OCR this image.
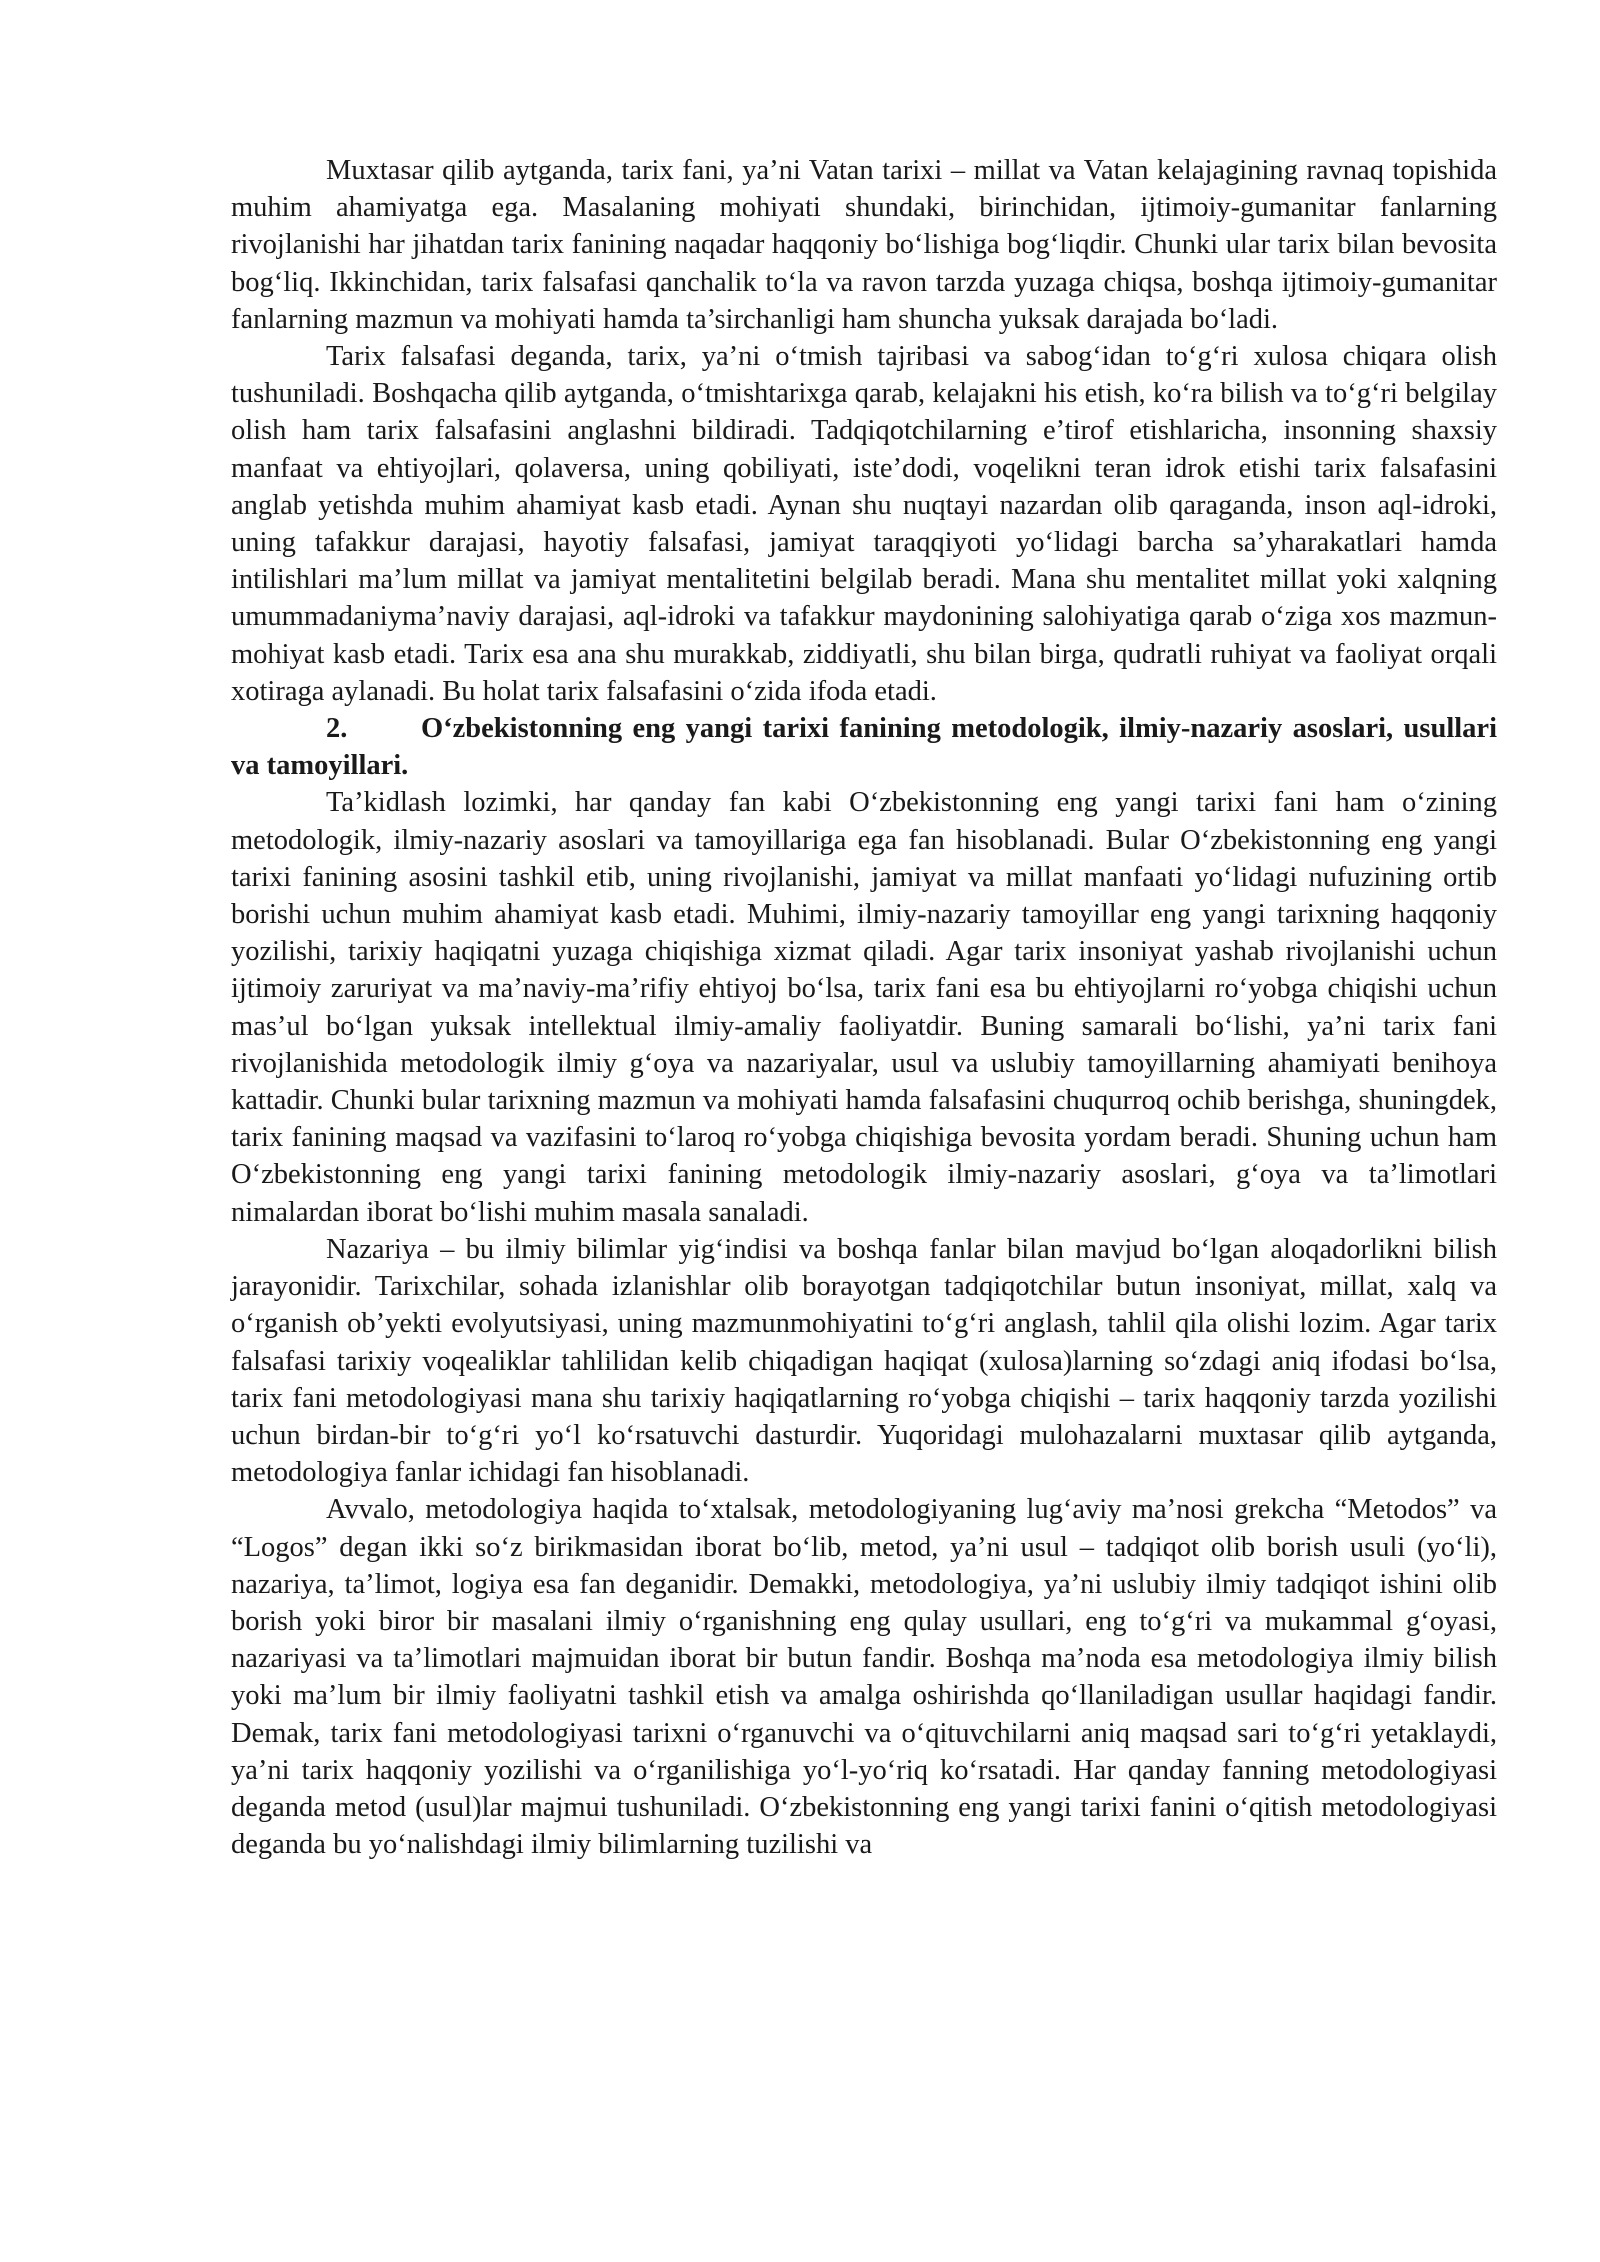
Muxtasar qilib aytganda, tarix fani, ya’ni Vatan tarixi – millat va Vatan kelajagining ravnaq topishida muhim ahamiyatga ega. Masalaning mohiyati shundaki, birinchidan, ijtimoiy-gumanitar fanlarning rivojlanishi har jihatdan tarix fanining naqadar haqqoniy bo‘lishiga bog‘liqdir. Chunki ular tarix bilan bevosita bog‘liq. Ikkinchidan, tarix falsafasi qanchalik to‘la va ravon tarzda yuzaga chiqsa, boshqa ijtimoiy-gumanitar fanlarning mazmun va mohiyati hamda ta’sirchanligi ham shuncha yuksak darajada bo‘ladi.

Tarix falsafasi deganda, tarix, ya’ni o‘tmish tajribasi va sabog‘idan to‘g‘ri xulosa chiqara olish tushuniladi. Boshqacha qilib aytganda, o‘tmishtarixga qarab, kelajakni his etish, ko‘ra bilish va to‘g‘ri belgilay olish ham tarix falsafasini anglashni bildiradi. Tadqiqotchilarning e’tirof etishlaricha, insonning shaxsiy manfaat va ehtiyojlari, qolaversa, uning qobiliyati, iste’dodi, voqelikni teran idrok etishi tarix falsafasini anglab yetishda muhim ahamiyat kasb etadi. Aynan shu nuqtayi nazardan olib qaraganda, inson aql-idroki, uning tafakkur darajasi, hayotiy falsafasi, jamiyat taraqqiyoti yo‘lidagi barcha sa’yharakatlari hamda intilishlari ma’lum millat va jamiyat mentalitetini belgilab beradi. Mana shu mentalitet millat yoki xalqning umummadaniyma’naviy darajasi, aql-idroki va tafakkur maydonining salohiyatiga qarab o‘ziga xos mazmun-mohiyat kasb etadi. Tarix esa ana shu murakkab, ziddiyatli, shu bilan birga, qudratli ruhiyat va faoliyat orqali xotiraga aylanadi. Bu holat tarix falsafasini o‘zida ifoda etadi.

2.	O‘zbekistonning eng yangi tarixi fanining metodologik, ilmiy-nazariy asoslari, usullari va tamoyillari.

Ta’kidlash lozimki, har qanday fan kabi O‘zbekistonning eng yangi tarixi fani ham o‘zining metodologik, ilmiy-nazariy asoslari va tamoyillariga ega fan hisoblanadi. Bular O‘zbekistonning eng yangi tarixi fanining asosini tashkil etib, uning rivojlanishi, jamiyat va millat manfaati yo‘lidagi nufuzining ortib borishi uchun muhim ahamiyat kasb etadi. Muhimi, ilmiy-nazariy tamoyillar eng yangi tarixning haqqoniy yozilishi, tarixiy haqiqatni yuzaga chiqishiga xizmat qiladi. Agar tarix insoniyat yashab rivojlanishi uchun ijtimoiy zaruriyat va ma’naviy-ma’rifiy ehtiyoj bo‘lsa, tarix fani esa bu ehtiyojlarni ro‘yobga chiqishi uchun mas’ul bo‘lgan yuksak intellektual ilmiy-amaliy faoliyatdir. Buning samarali bo‘lishi, ya’ni tarix fani rivojlanishida metodologik ilmiy g‘oya va nazariyalar, usul va uslubiy tamoyillarning ahamiyati benihoya kattadir. Chunki bular tarixning mazmun va mohiyati hamda falsafasini chuqurroq ochib berishga, shuningdek, tarix fanining maqsad va vazifasini to‘laroq ro‘yobga chiqishiga bevosita yordam beradi. Shuning uchun ham O‘zbekistonning eng yangi tarixi fanining metodologik ilmiy-nazariy asoslari, g‘oya va ta’limotlari nimalardan iborat bo‘lishi muhim masala sanaladi.

Nazariya – bu ilmiy bilimlar yig‘indisi va boshqa fanlar bilan mavjud bo‘lgan aloqadorlikni bilish jarayonidir. Tarixchilar, sohada izlanishlar olib borayotgan tadqiqotchilar butun insoniyat, millat, xalq va o‘rganish ob’yekti evolyutsiyasi, uning mazmunmohiyatini to‘g‘ri anglash, tahlil qila olishi lozim. Agar tarix falsafasi tarixiy voqealiklar tahlilidan kelib chiqadigan haqiqat (xulosa)larning so‘zdagi aniq ifodasi bo‘lsa, tarix fani metodologiyasi mana shu tarixiy haqiqatlarning ro‘yobga chiqishi – tarix haqqoniy tarzda yozilishi uchun birdan-bir to‘g‘ri yo‘l ko‘rsatuvchi dasturdir. Yuqoridagi mulohazalarni muxtasar qilib aytganda, metodologiya fanlar ichidagi fan hisoblanadi.

Avvalo, metodologiya haqida to‘xtalsak, metodologiyaning lug‘aviy ma’nosi grekcha “Metodos” va “Logos” degan ikki so‘z birikmasidan iborat bo‘lib, metod, ya’ni usul – tadqiqot olib borish usuli (yo‘li), nazariya, ta’limot, logiya esa fan deganidir. Demakki, metodologiya, ya’ni uslubiy ilmiy tadqiqot ishini olib borish yoki biror bir masalani ilmiy o‘rganishning eng qulay usullari, eng to‘g‘ri va mukammal g‘oyasi, nazariyasi va ta’limotlari majmuidan iborat bir butun fandir. Boshqa ma’noda esa metodologiya ilmiy bilish yoki ma’lum bir ilmiy faoliyatni tashkil etish va amalga oshirishda qo‘llaniladigan usullar haqidagi fandir. Demak, tarix fani metodologiyasi tarixni o‘rganuvchi va o‘qituvchilarni aniq maqsad sari to‘g‘ri yetaklaydi, ya’ni tarix haqqoniy yozilishi va o‘rganilishiga yo‘l-yo‘riq ko‘rsatadi. Har qanday fanning metodologiyasi deganda metod (usul)lar majmui tushuniladi. O‘zbekistonning eng yangi tarixi fanini o‘qitish metodologiyasi deganda bu yo‘nalishdagi ilmiy bilimlarning tuzilishi va
